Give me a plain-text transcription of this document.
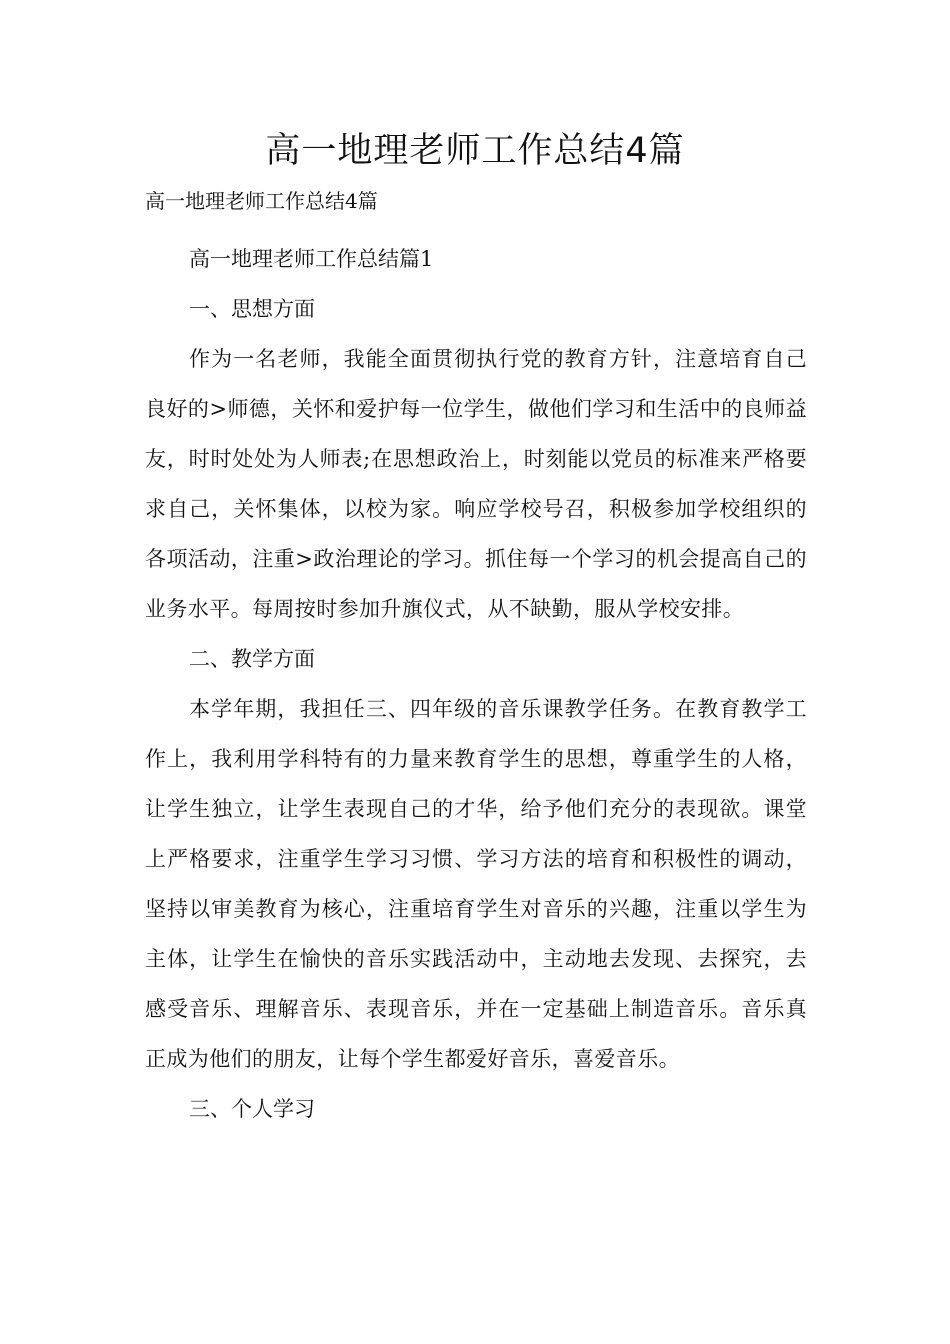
高一地理老师工作总结4篇

高一地理老师工作总结4篇

高一地理老师工作总结篇1

一、思想方面

作为一名老师，我能全面贯彻执行党的教育方针，注意培育自己良好的>师德，关怀和爱护每一位学生，做他们学习和生活中的良师益友，时时处处为人师表;在思想政治上，时刻能以党员的标准来严格要求自己，关怀集体，以校为家。响应学校号召，积极参加学校组织的各项活动，注重>政治理论的学习。抓住每一个学习的机会提高自己的业务水平。每周按时参加升旗仪式，从不缺勤，服从学校安排。

二、教学方面

本学年期，我担任三、四年级的音乐课教学任务。在教育教学工作上，我利用学科特有的力量来教育学生的思想，尊重学生的人格，让学生独立，让学生表现自己的才华，给予他们充分的表现欲。课堂上严格要求，注重学生学习习惯、学习方法的培育和积极性的调动，坚持以审美教育为核心，注重培育学生对音乐的兴趣，注重以学生为主体，让学生在愉快的音乐实践活动中，主动地去发现、去探究，去感受音乐、理解音乐、表现音乐，并在一定基础上制造音乐。音乐真正成为他们的朋友，让每个学生都爱好音乐，喜爱音乐。

三、个人学习
